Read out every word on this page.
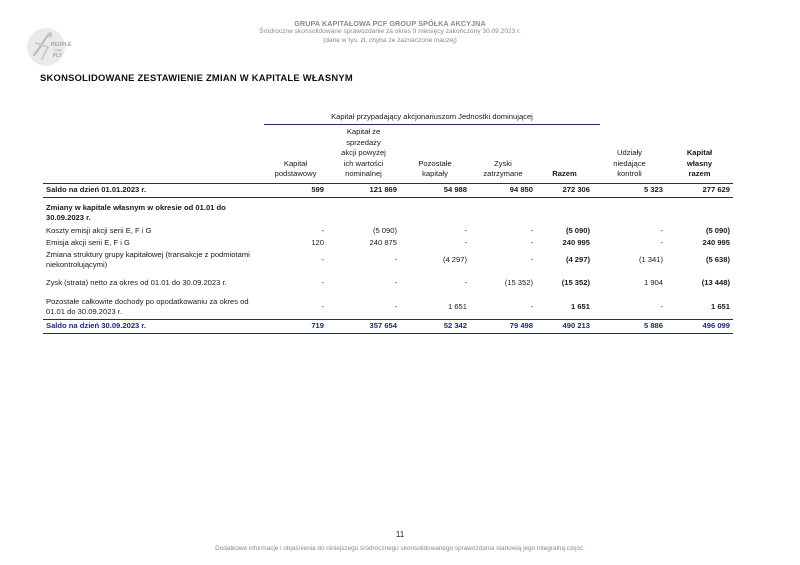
PEOPLE
CAN
FLY
GRUPA KAPITAŁOWA PCF GROUP SPÓŁKA AKCYJNA
Śródroczne skonsolidowane sprawozdanie za okres 9 miesięcy zakończony 30.09.2023 r.
(dane w tys. zł, chyba że zaznaczone inaczej)
SKONSOLIDOWANE ZESTAWIENIE ZMIAN W KAPITALE WŁASNYM
Kapitał przypadający akcjonariuszom Jednostki dominującej
	Kapitał
podstawowy	Kapitał ze
sprzedaży
akcji powyżej
ich wartości
nominalnej	Pozostałe
kapitały	Zyski
zatrzymane	Razem	Udziały
niedające
kontroli	Kapitał
własny
razem
Saldo na dzień 01.01.2023 r.	599	121 869	54 988	94 850	272 306	5 323	277 629
Zmiany w kapitale własnym w okresie od 01.01 do 30.09.2023 r.							
Koszty emisji akcji serii E, F i G	-	(5 090)	-	-	(5 090)	-	(5 090)
Emisja akcji serii E, F i G	120	240 875	-	-	240 995	-	240 995
Zmiana struktury grupy kapitałowej (transakcje z podmiotami niekontrolującymi)	-	-	(4 297)	-	(4 297)	(1 341)	(5 638)
Zysk (strata) netto za okres od 01.01 do 30.09.2023 r.	-	-	-	(15 352)	(15 352)	1 904	(13 448)
Pozostałe całkowite dochody po opodatkowaniu za okres od 01.01 do 30.09.2023 r.	-	-	1 651	-	1 651	-	1 651
Saldo na dzień 30.09.2023 r.	719	357 654	52 342	79 498	490 213	5 886	496 099
11
Dodatkowe informacje i objaśnienia do niniejszego śródrocznego skonsolidowanego sprawozdania stanowią jego integralną część.
